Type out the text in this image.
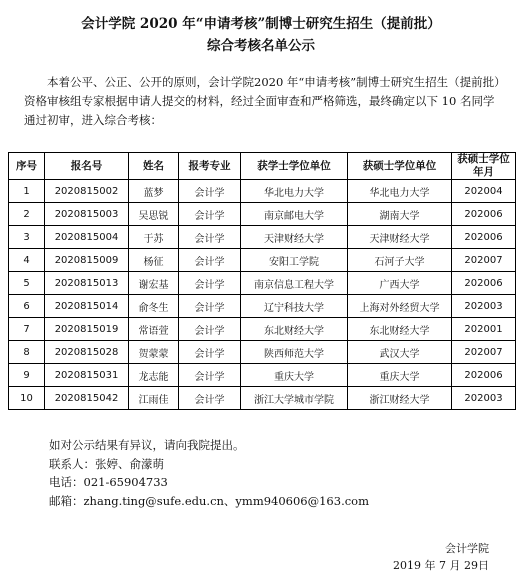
会计学院 2020 年“申请考核”制博士研究生招生（提前批）
综合考核名单公示
本着公平、公正、公开的原则，会计学院2020 年“申请考核”制博士研究生招生（提前批）资格审核组专家根据申请人提交的材料，经过全面审查和严格筛选，最终确定以下 10 名同学通过初审，进入综合考核：
序号	报名号	姓名	报考专业	获学士学位单位	获硕士学位单位	获硕士学位年月
1	2020815002	蓝梦	会计学	华北电力大学	华北电力大学	202004
2	2020815003	吴思锐	会计学	南京邮电大学	湖南大学	202006
3	2020815004	于苏	会计学	天津财经大学	天津财经大学	202006
4	2020815009	杨征	会计学	安阳工学院	石河子大学	202007
5	2020815013	谢宏基	会计学	南京信息工程大学	广西大学	202006
6	2020815014	俞冬生	会计学	辽宁科技大学	上海对外经贸大学	202003
7	2020815019	常语萱	会计学	东北财经大学	东北财经大学	202001
8	2020815028	贺蒙蒙	会计学	陕西师范大学	武汉大学	202007
9	2020815031	龙志能	会计学	重庆大学	重庆大学	202006
10	2020815042	江雨佳	会计学	浙江大学城市学院	浙江财经大学	202003
如对公示结果有异议，请向我院提出。
联系人：张婷、俞濛萌
电话：021-65904733
邮箱：zhang.ting@sufe.edu.cn、ymm940606@163.com
会计学院
2019 年 7 月 29日
